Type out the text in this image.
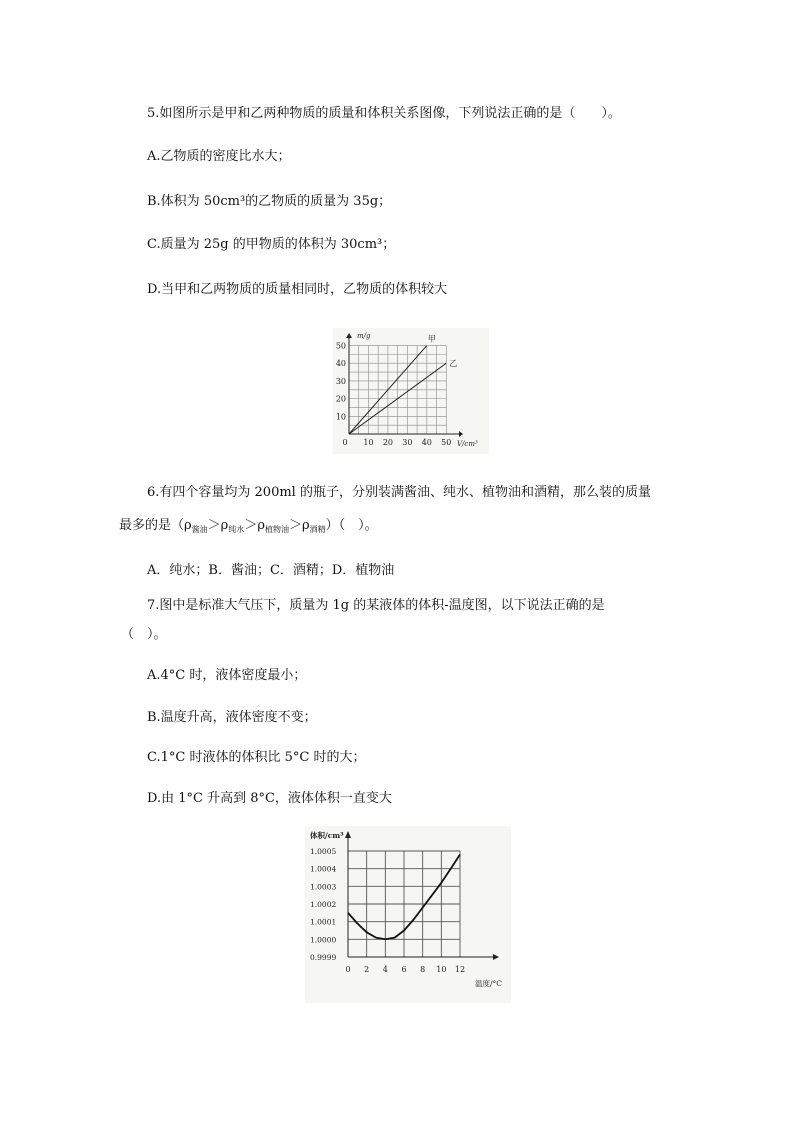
5.如图所示是甲和乙两种物质的质量和体积关系图像，下列说法正确的是（　　）。
A.乙物质的密度比水大；
B.体积为 50cm³的乙物质的质量为 35g；
C.质量为 25g 的甲物质的体积为 30cm³；
D.当甲和乙两物质的质量相同时，乙物质的体积较大
0 10 20 30 40 50
10
20
30
40
50
m/g
V/cm³
甲
乙
6.有四个容量均为 200ml 的瓶子，分别装满酱油、纯水、植物油和酒精，那么装的质量
最多的是$(\rho_{酱油}>\rho_{纯水}>\rho_{植物油}>\rho_{酒精})$（　）。
A．纯水；B．酱油；C．酒精；D．植物油
7.图中是标准大气压下，质量为 1g 的某液体的体积-温度图，以下说法正确的是
（　）。
A.4°C 时，液体密度最小；
B.温度升高，液体密度不变；
C.1°C 时液体的体积比 5°C 时的大；
D.由 1°C 升高到 8°C，液体体积一直变大
0.9999
1.0000
1.0001
1.0002
1.0003
1.0004
1.0005
0 2 4 6 8 10 12
体积/cm³
温度/°C
